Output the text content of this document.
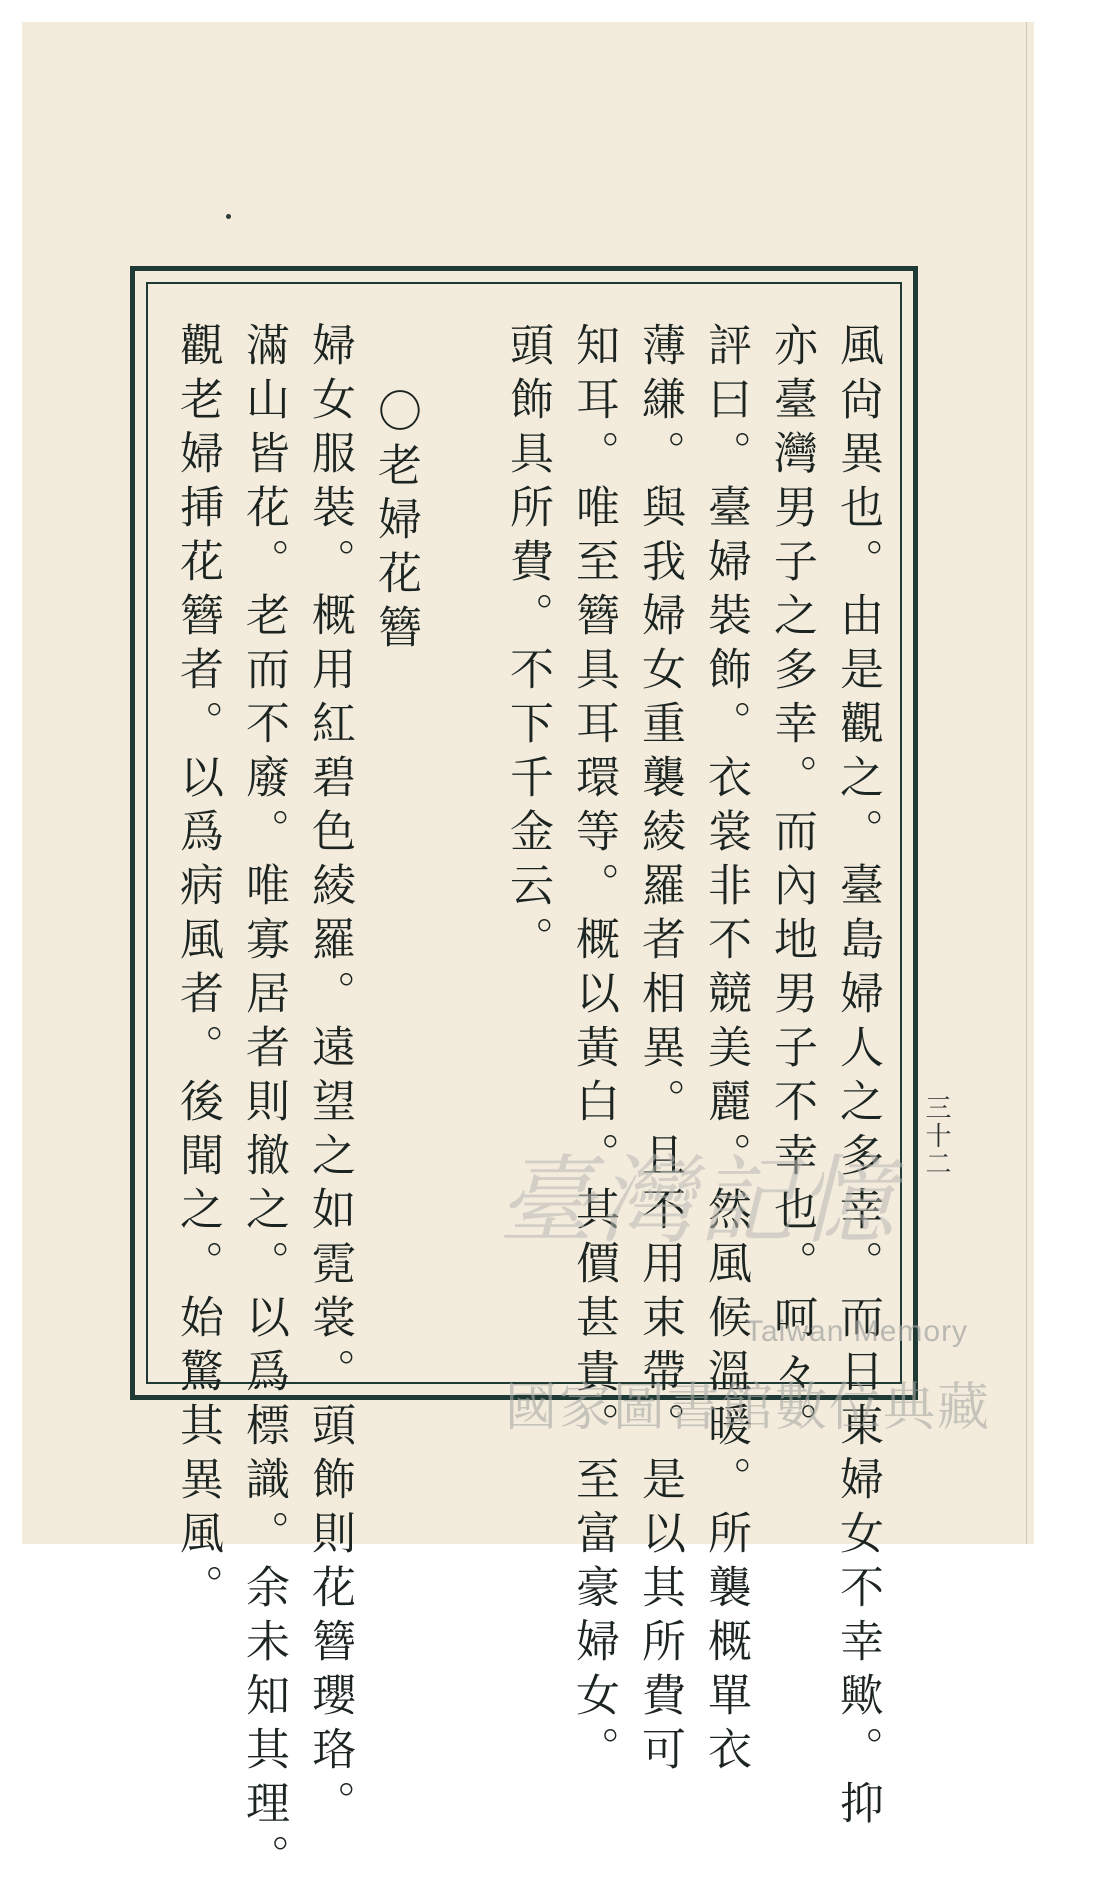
風尙異也。由是觀之。臺島婦人之多幸。而日東婦女不幸歟。抑
亦臺灣男子之多幸。而內地男子不幸也。呵々。
評曰。臺婦裝飾。衣裳非不競美麗。然風候溫暖。所襲概單衣
薄縑。與我婦女重襲綾羅者相異。且不用束帶。是以其所費可
知耳。唯至簪具耳環等。概以黃白。其價甚貴。至富豪婦女。
頭飾具所費。不下千金云。
〇老婦花簪
婦女服裝。概用紅碧色綾羅。遠望之如霓裳。頭飾則花簪瓔珞。
滿山皆花。老而不廢。唯寡居者則撤之。以爲標識。余未知其理。
觀老婦挿花簪者。以爲病風者。後聞之。始驚其異風。	三十二
臺灣記憶
Taiwan Memory
國家圖書館數位典藏
